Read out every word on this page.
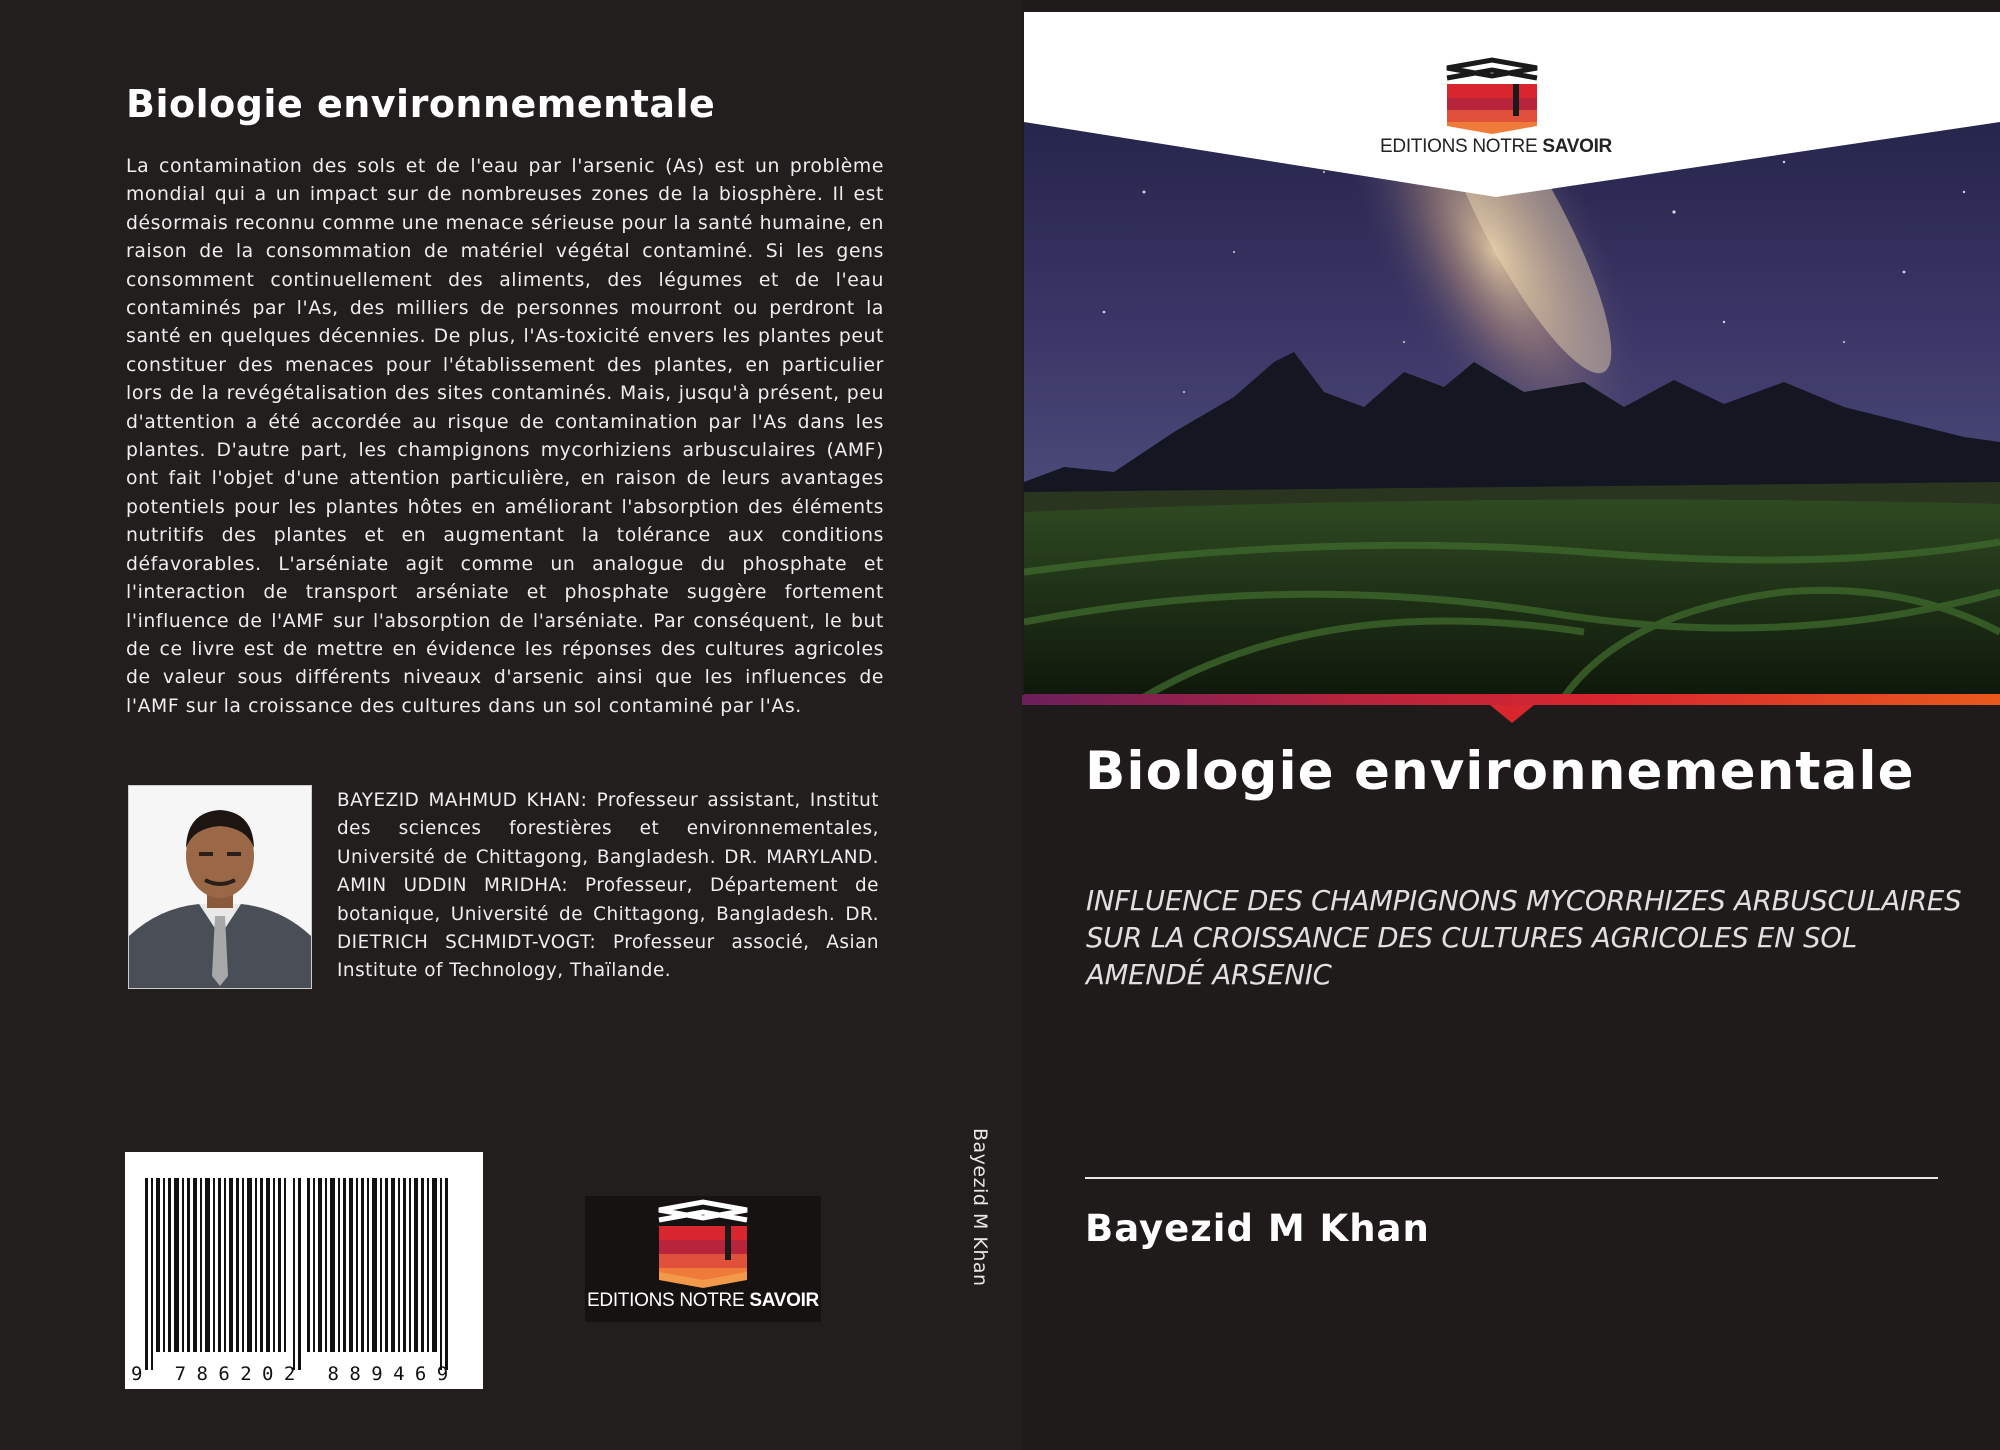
Biologie environnementale
La contamination des sols et de l'eau par l'arsenic (As) est un problème mondial qui a un impact sur de nombreuses zones de la biosphère. Il est désormais reconnu comme une menace sérieuse pour la santé humaine, en raison de la consommation de matériel végétal contaminé. Si les gens consomment continuellement des aliments, des légumes et de l'eau contaminés par l'As, des milliers de personnes mourront ou perdront la santé en quelques décennies. De plus, l'As-toxicité envers les plantes peut constituer des menaces pour l'établissement des plantes, en particulier lors de la revégétalisation des sites contaminés. Mais, jusqu'à présent, peu d'attention a été accordée au risque de contamination par l'As dans les plantes. D'autre part, les champignons mycorhiziens arbusculaires (AMF) ont fait l'objet d'une attention particulière, en raison de leurs avantages potentiels pour les plantes hôtes en améliorant l'absorption des éléments nutritifs des plantes et en augmentant la tolérance aux conditions défavorables. L'arséniate agit comme un analogue du phosphate et l'interaction de transport arséniate et phosphate suggère fortement l'influence de l'AMF sur l'absorption de l'arséniate. Par conséquent, le but de ce livre est de mettre en évidence les réponses des cultures agricoles de valeur sous différents niveaux d'arsenic ainsi que les influences de l'AMF sur la croissance des cultures dans un sol contaminé par l'As.
BAYEZID MAHMUD KHAN: Professeur assistant, Institut des sciences forestières et environnementales, Université de Chittagong, Bangladesh. DR. MARYLAND. AMIN UDDIN MRIDHA: Professeur, Département de botanique, Université de Chittagong, Bangladesh. DR. DIETRICH SCHMIDT-VOGT: Professeur associé, Asian Institute of Technology, Thaïlande.
9 786202 889469
EDITIONS NOTRE SAVOIR
Bayezid M Khan
EDITIONS NOTRE SAVOIR
Biologie environnementale
INFLUENCE DES CHAMPIGNONS MYCORRHIZES ARBUSCULAIRES SUR LA CROISSANCE DES CULTURES AGRICOLES EN SOL AMENDÉ ARSENIC
Bayezid M Khan
